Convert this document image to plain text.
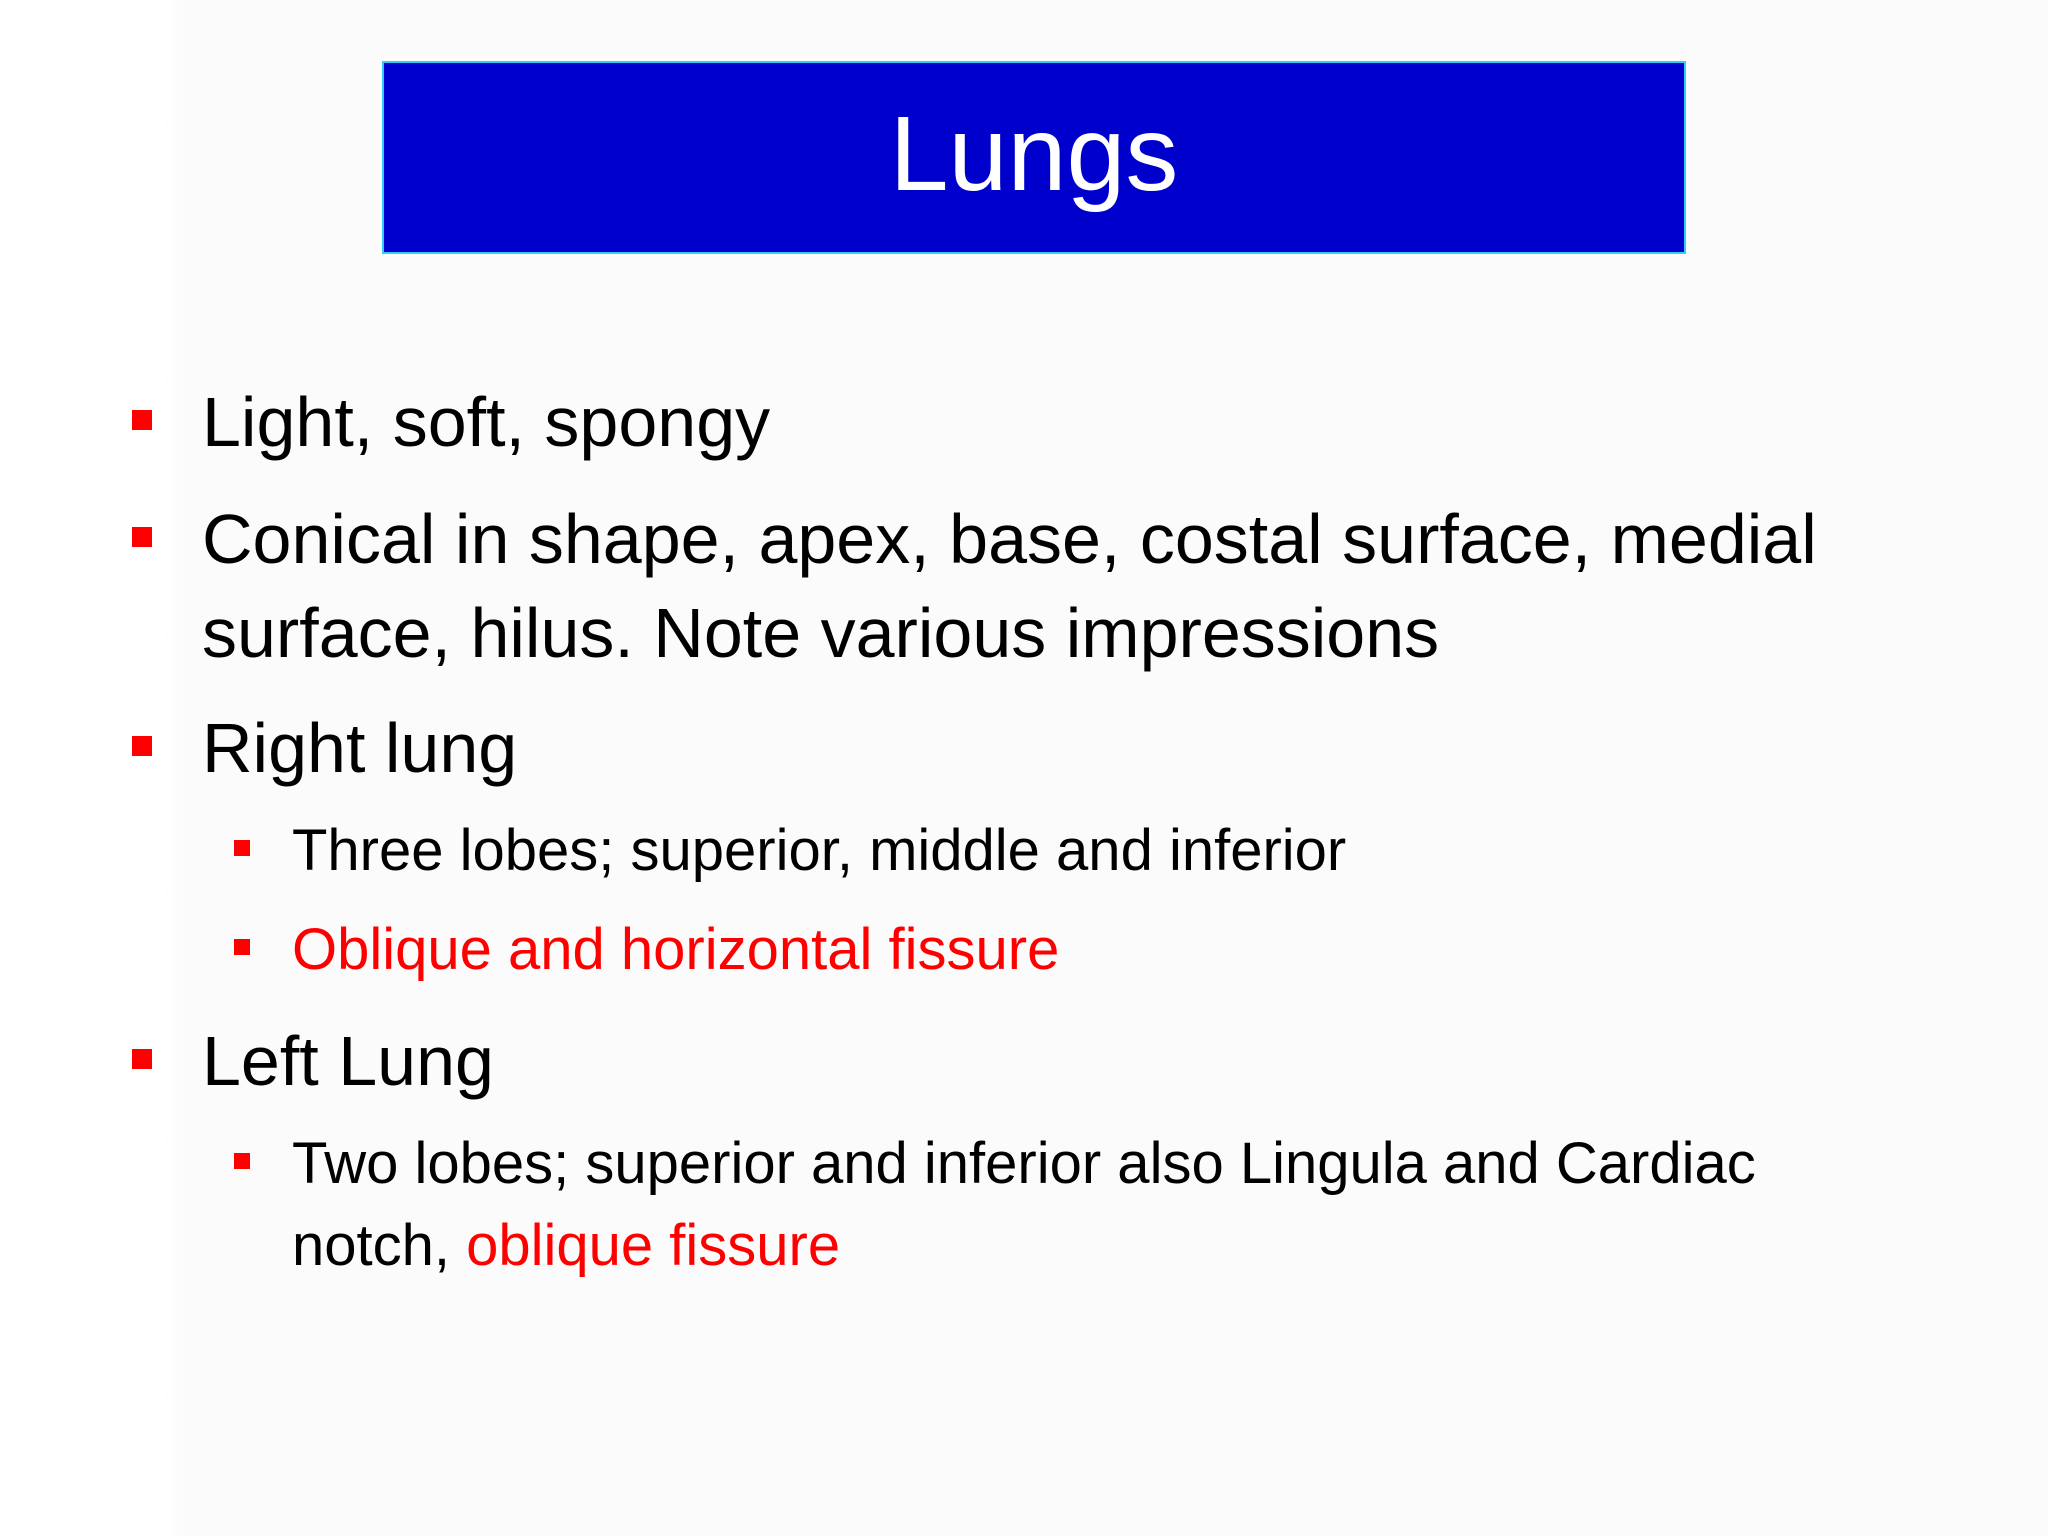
Lungs
Light, soft, spongy
Conical in shape, apex, base, costal surface, medial
surface, hilus. Note various impressions
Right lung
Three lobes; superior, middle and inferior
Oblique and horizontal fissure
Left Lung
Two lobes; superior and inferior also Lingula and Cardiac
notch, oblique fissure
